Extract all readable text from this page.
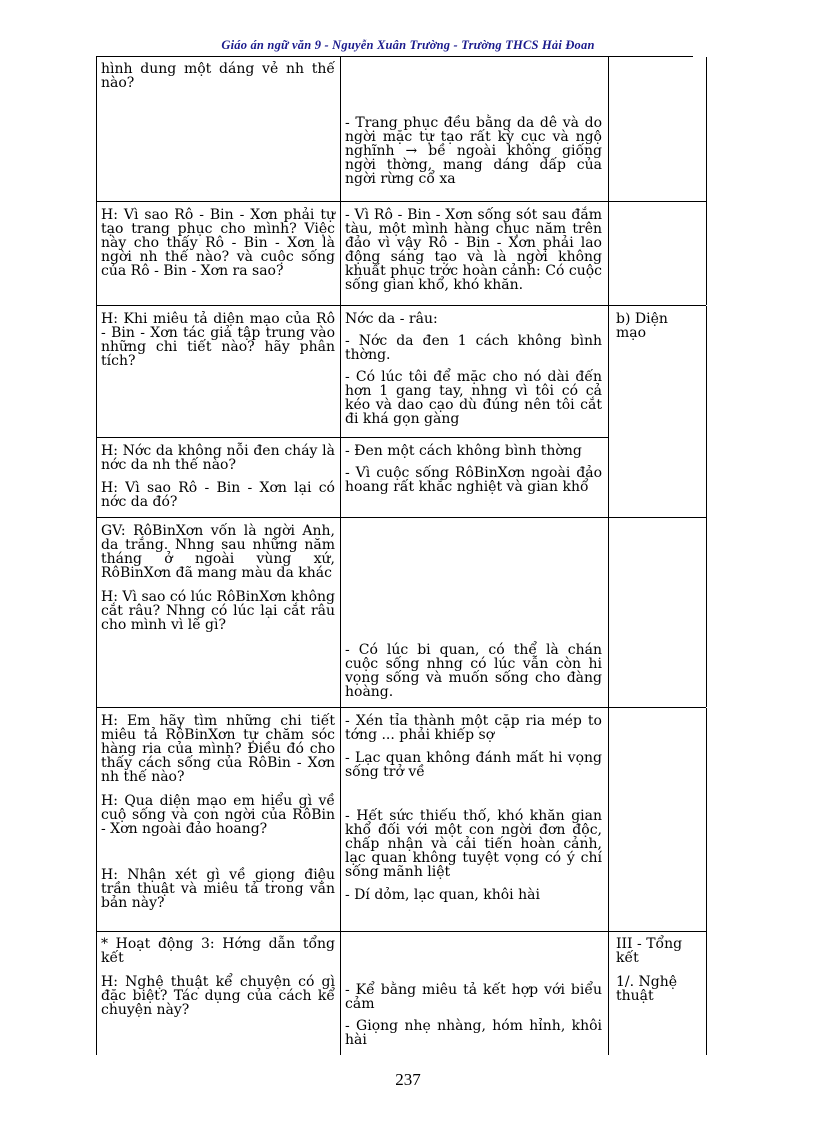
Giáo án ngữ văn 9 - Nguyễn Xuân Trường - Trường THCS Hải Đoan

hình dung một dáng vẻ nh thế nào?

- Trang phục đều bằng da dê và do ngời mặc tự tạo rất kỳ cục và ngộ nghĩnh → bề ngoài không giống ngời thờng, mang dáng dấp của ngời rừng cổ xa

H: Vì sao Rô - Bin - Xơn phải tự tạo trang phục cho mình? Việc này cho thấy Rô - Bin - Xơn là ngời nh thế nào? và cuộc sống của Rô - Bin - Xơn ra sao?

- Vì Rô - Bin - Xơn sống sót sau đắm tàu, một mình hàng chục năm trên đảo vì vậy Rô - Bin - Xơn phải lao động sáng tạo và là ngời không khuất phục trớc hoàn cảnh: Có cuộc sống gian khổ, khó khăn.

H: Khi miêu tả diện mạo của Rô - Bin - Xơn tác giả tập trung vào những chi tiết nào? hãy phân tích?

Nớc da - râu:

- Nớc da đen 1 cách không bình thờng.

- Có lúc tôi để mặc cho nó dài đến hơn 1 gang tay, nhng vì tôi có cả kéo và dao cạo dù đúng nên tôi cắt đi khá gọn gàng

b) Diện mạo

H: Nớc da không nỗi đen cháy là nớc da nh thế nào?

H: Vì sao Rô - Bin - Xơn lại có nớc da đó?

- Đen một cách không bình thờng

- Vì cuộc sống RôBinXơn ngoài đảo hoang rất khắc nghiệt và gian khổ

GV: RôBinXơn vốn là ngời Anh, da trắng. Nhng sau những năm tháng ở ngoài vùng xứ, RôBinXơn đã mang màu da khác

H: Vì sao có lúc RôBinXơn không cắt râu? Nhng có lúc lại cắt râu cho mình vì lẽ gì?

- Có lúc bi quan, có thể là chán cuộc sống nhng có lúc vẫn còn hi vọng sống và muốn sống cho đàng hoàng.

H: Em hãy tìm những chi tiết miêu tả RôBinXơn tự chăm sóc hàng ria của mình? Điều đó cho thấy cách sống của RôBin - Xơn nh thế nào?

H: Qua diện mạo em hiểu gì về cuộ sống và con ngời của RôBin - Xơn ngoài đảo hoang?

H: Nhận xét gì về giọng điệu trần thuật và miêu tả trong văn bản này?

- Xén tỉa thành một cặp ria mép to tớng ... phải khiếp sợ

- Lạc quan không đánh mất hi vọng sống trở về

- Hết sức thiếu thố, khó khăn gian khổ đối với một con ngời đơn độc, chấp nhận và cải tiến hoàn cảnh, lạc quan không tuyệt vọng có ý chí sống mãnh liệt

- Dí dỏm, lạc quan, khôi hài

* Hoạt động 3: Hớng dẫn tổng kết

H: Nghệ thuật kể chuyện có gì đặc biệt? Tác dụng của cách kể chuyện này?

- Kể bằng miêu tả kết hợp với biểu cảm

- Giọng nhẹ nhàng, hóm hỉnh, khôi hài

III - Tổng kết

1/. Nghệ thuật

237
